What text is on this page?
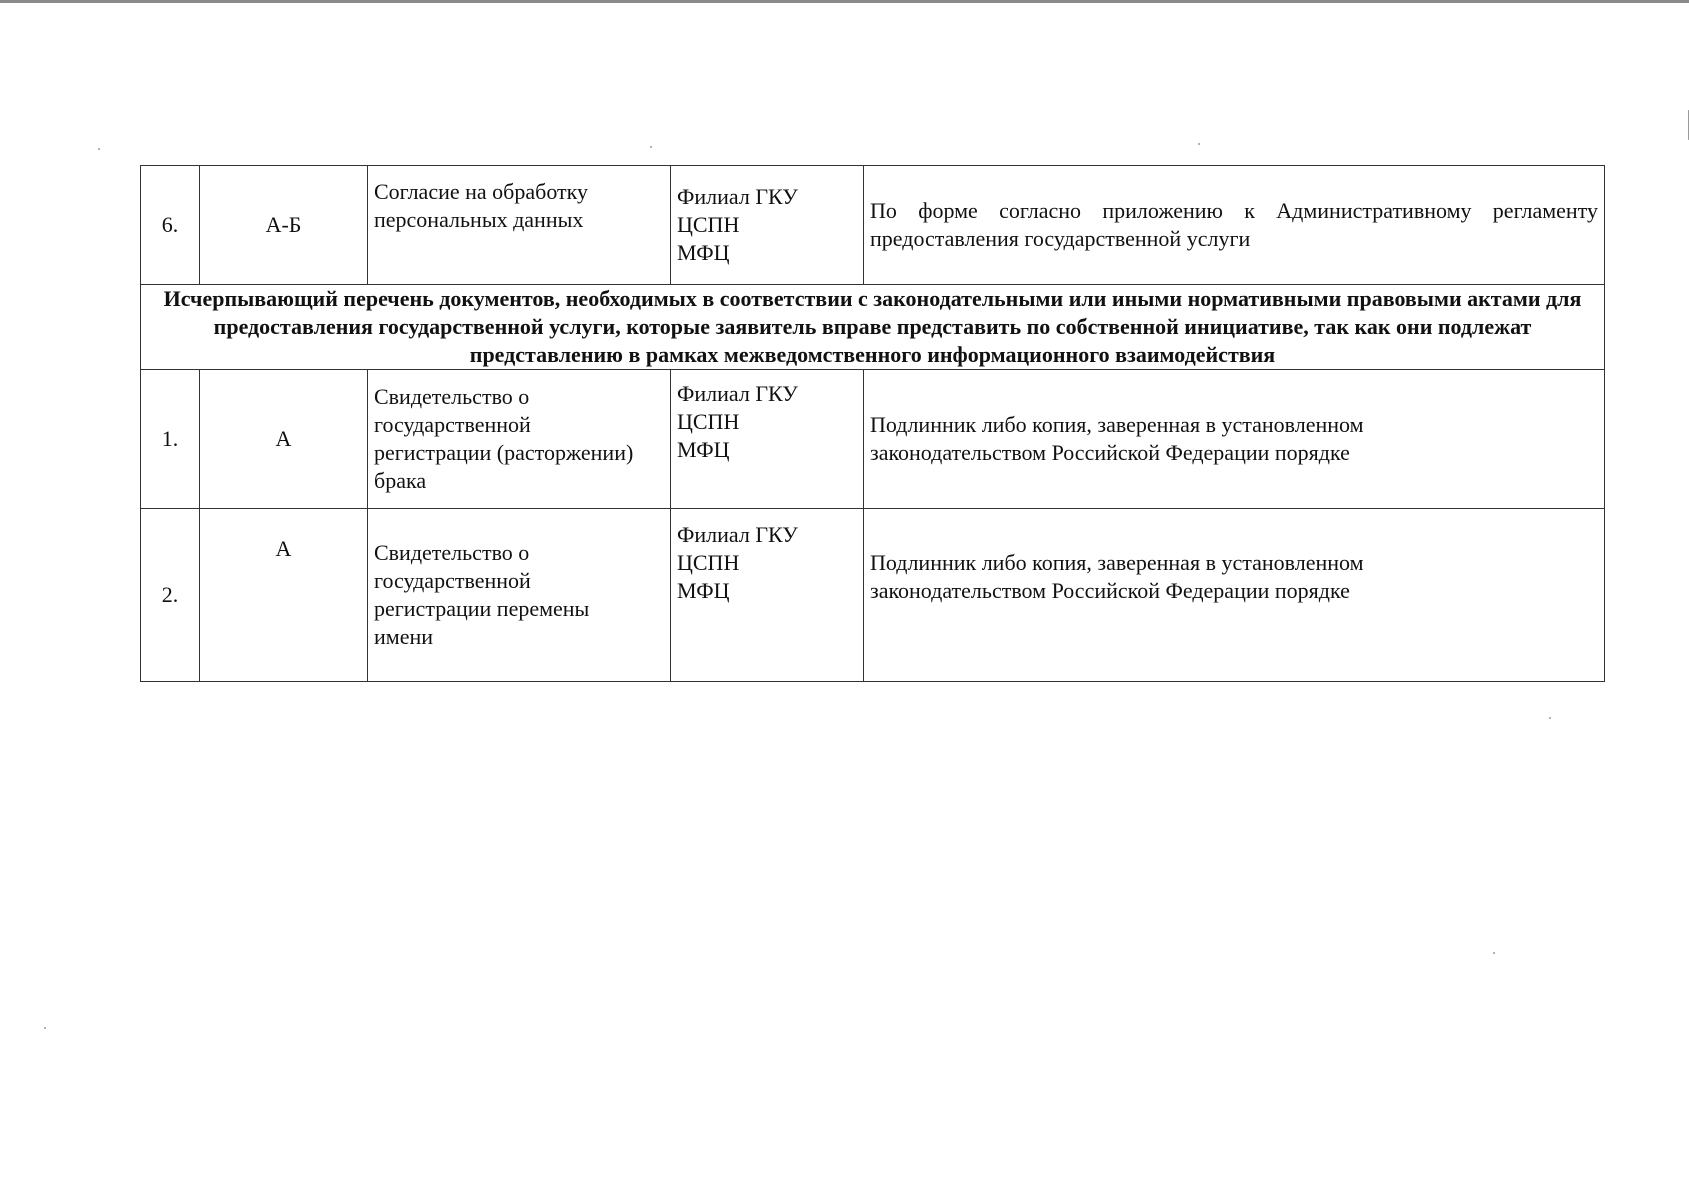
6.	А-Б	Согласие на обработку персональных данных	Филиал ГКУ
ЦСПН
МФЦ	По форме согласно приложению к Административному регламенту предоставления государственной услуги
Исчерпывающий перечень документов, необходимых в соответствии с законодательными или иными нормативными правовыми актами для предоставления государственной услуги, которые заявитель вправе представить по собственной инициативе, так как они подлежат представлению в рамках межведомственного информационного взаимодействия				
1.	А	Свидетельство о
государственной
регистрации (расторжении)
брака	Филиал ГКУ
ЦСПН
МФЦ	Подлинник либо копия, заверенная в установленном
законодательством Российской Федерации порядке

2.	А	Свидетельство о
государственной
регистрации перемены
имени	Филиал ГКУ
ЦСПН
МФЦ	Подлинник либо копия, заверенная в установленном
законодательством Российской Федерации порядке
